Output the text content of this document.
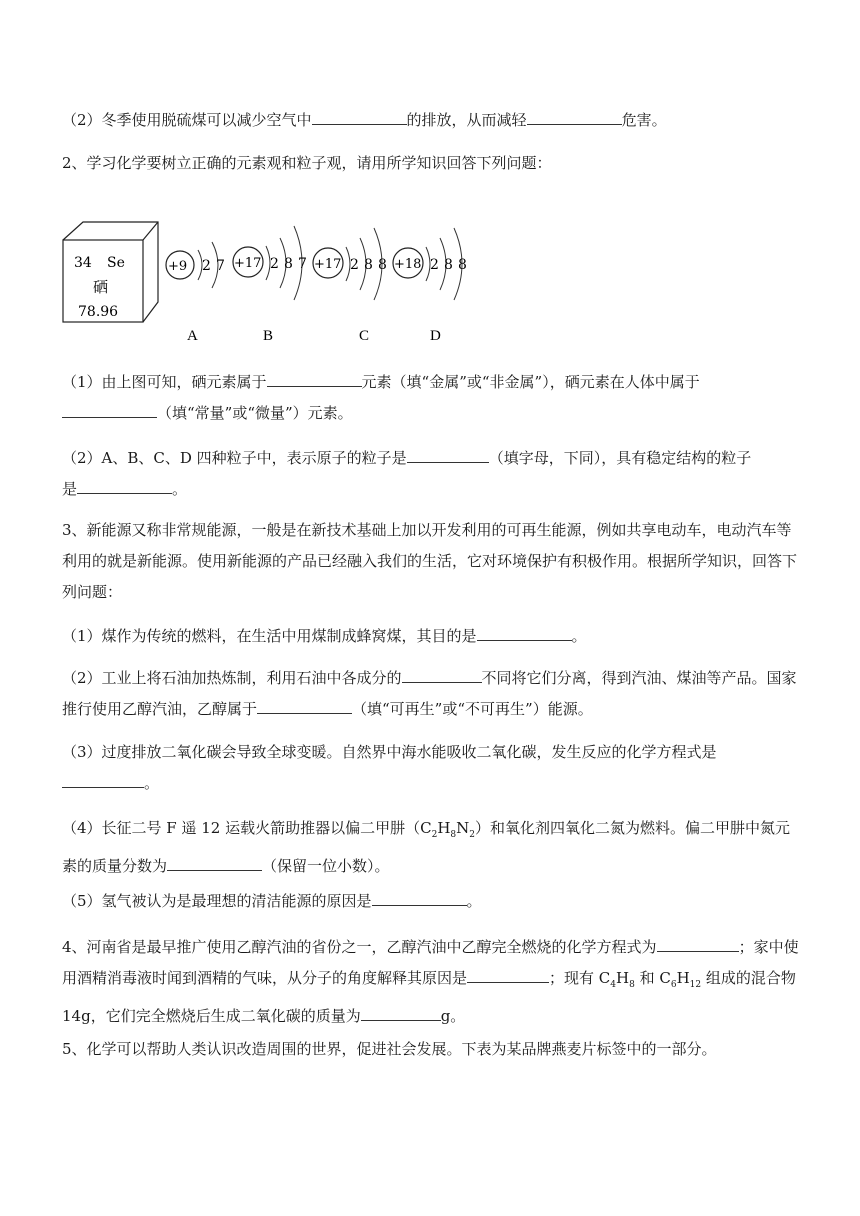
（2）冬季使用脱硫煤可以减少空气中	的排放，从而减轻	危害。
2、学习化学要树立正确的元素观和粒子观，请用所学知识回答下列问题：
34 Se
硒
78.96
+9 2 7
A
+17 2 8 7
B
+17 2 8 8
C
+18 2 8 8
D
（1）由上图可知，硒元素属于	元素（填“金属”或“非金属”），硒元素在人体中属于
（填“常量”或“微量”）元素。
（2）A、B、C、D 四种粒子中，表示原子的粒子是	（填字母，下同），具有稳定结构的粒子
是	。
3、新能源又称非常规能源，一般是在新技术基础上加以开发利用的可再生能源，例如共享电动车，电动汽车等利用的就是新能源。使用新能源的产品已经融入我们的生活，它对环境保护有积极作用。根据所学知识，回答下列问题：
（1）煤作为传统的燃料，在生活中用煤制成蜂窝煤，其目的是	。
（2）工业上将石油加热炼制，利用石油中各成分的	不同将它们分离，得到汽油、煤油等产品。国家推行使用乙醇汽油，乙醇属于	（填“可再生”或“不可再生”）能源。
（3）过度排放二氧化碳会导致全球变暖。自然界中海水能吸收二氧化碳，发生反应的化学方程式是
。
（4）长征二号 F 遥 12 运载火箭助推器以偏二甲肼$(C_2H_8N_2)$和氧化剂四氧化二氮为燃料。偏二甲肼中氮元素的质量分数为	（保留一位小数）。
（5）氢气被认为是最理想的清洁能源的原因是	。
4、河南省是最早推广使用乙醇汽油的省份之一，乙醇汽油中乙醇完全燃烧的化学方程式为	；家中使用酒精消毒液时闻到酒精的气味，从分子的角度解释其原因是	；现有 $C_4H_8$ 和 $C_6H_{12}$ 组成的混合物 14g，它们完全燃烧后生成二氧化碳的质量为	g。
5、化学可以帮助人类认识改造周围的世界，促进社会发展。下表为某品牌燕麦片标签中的一部分。
